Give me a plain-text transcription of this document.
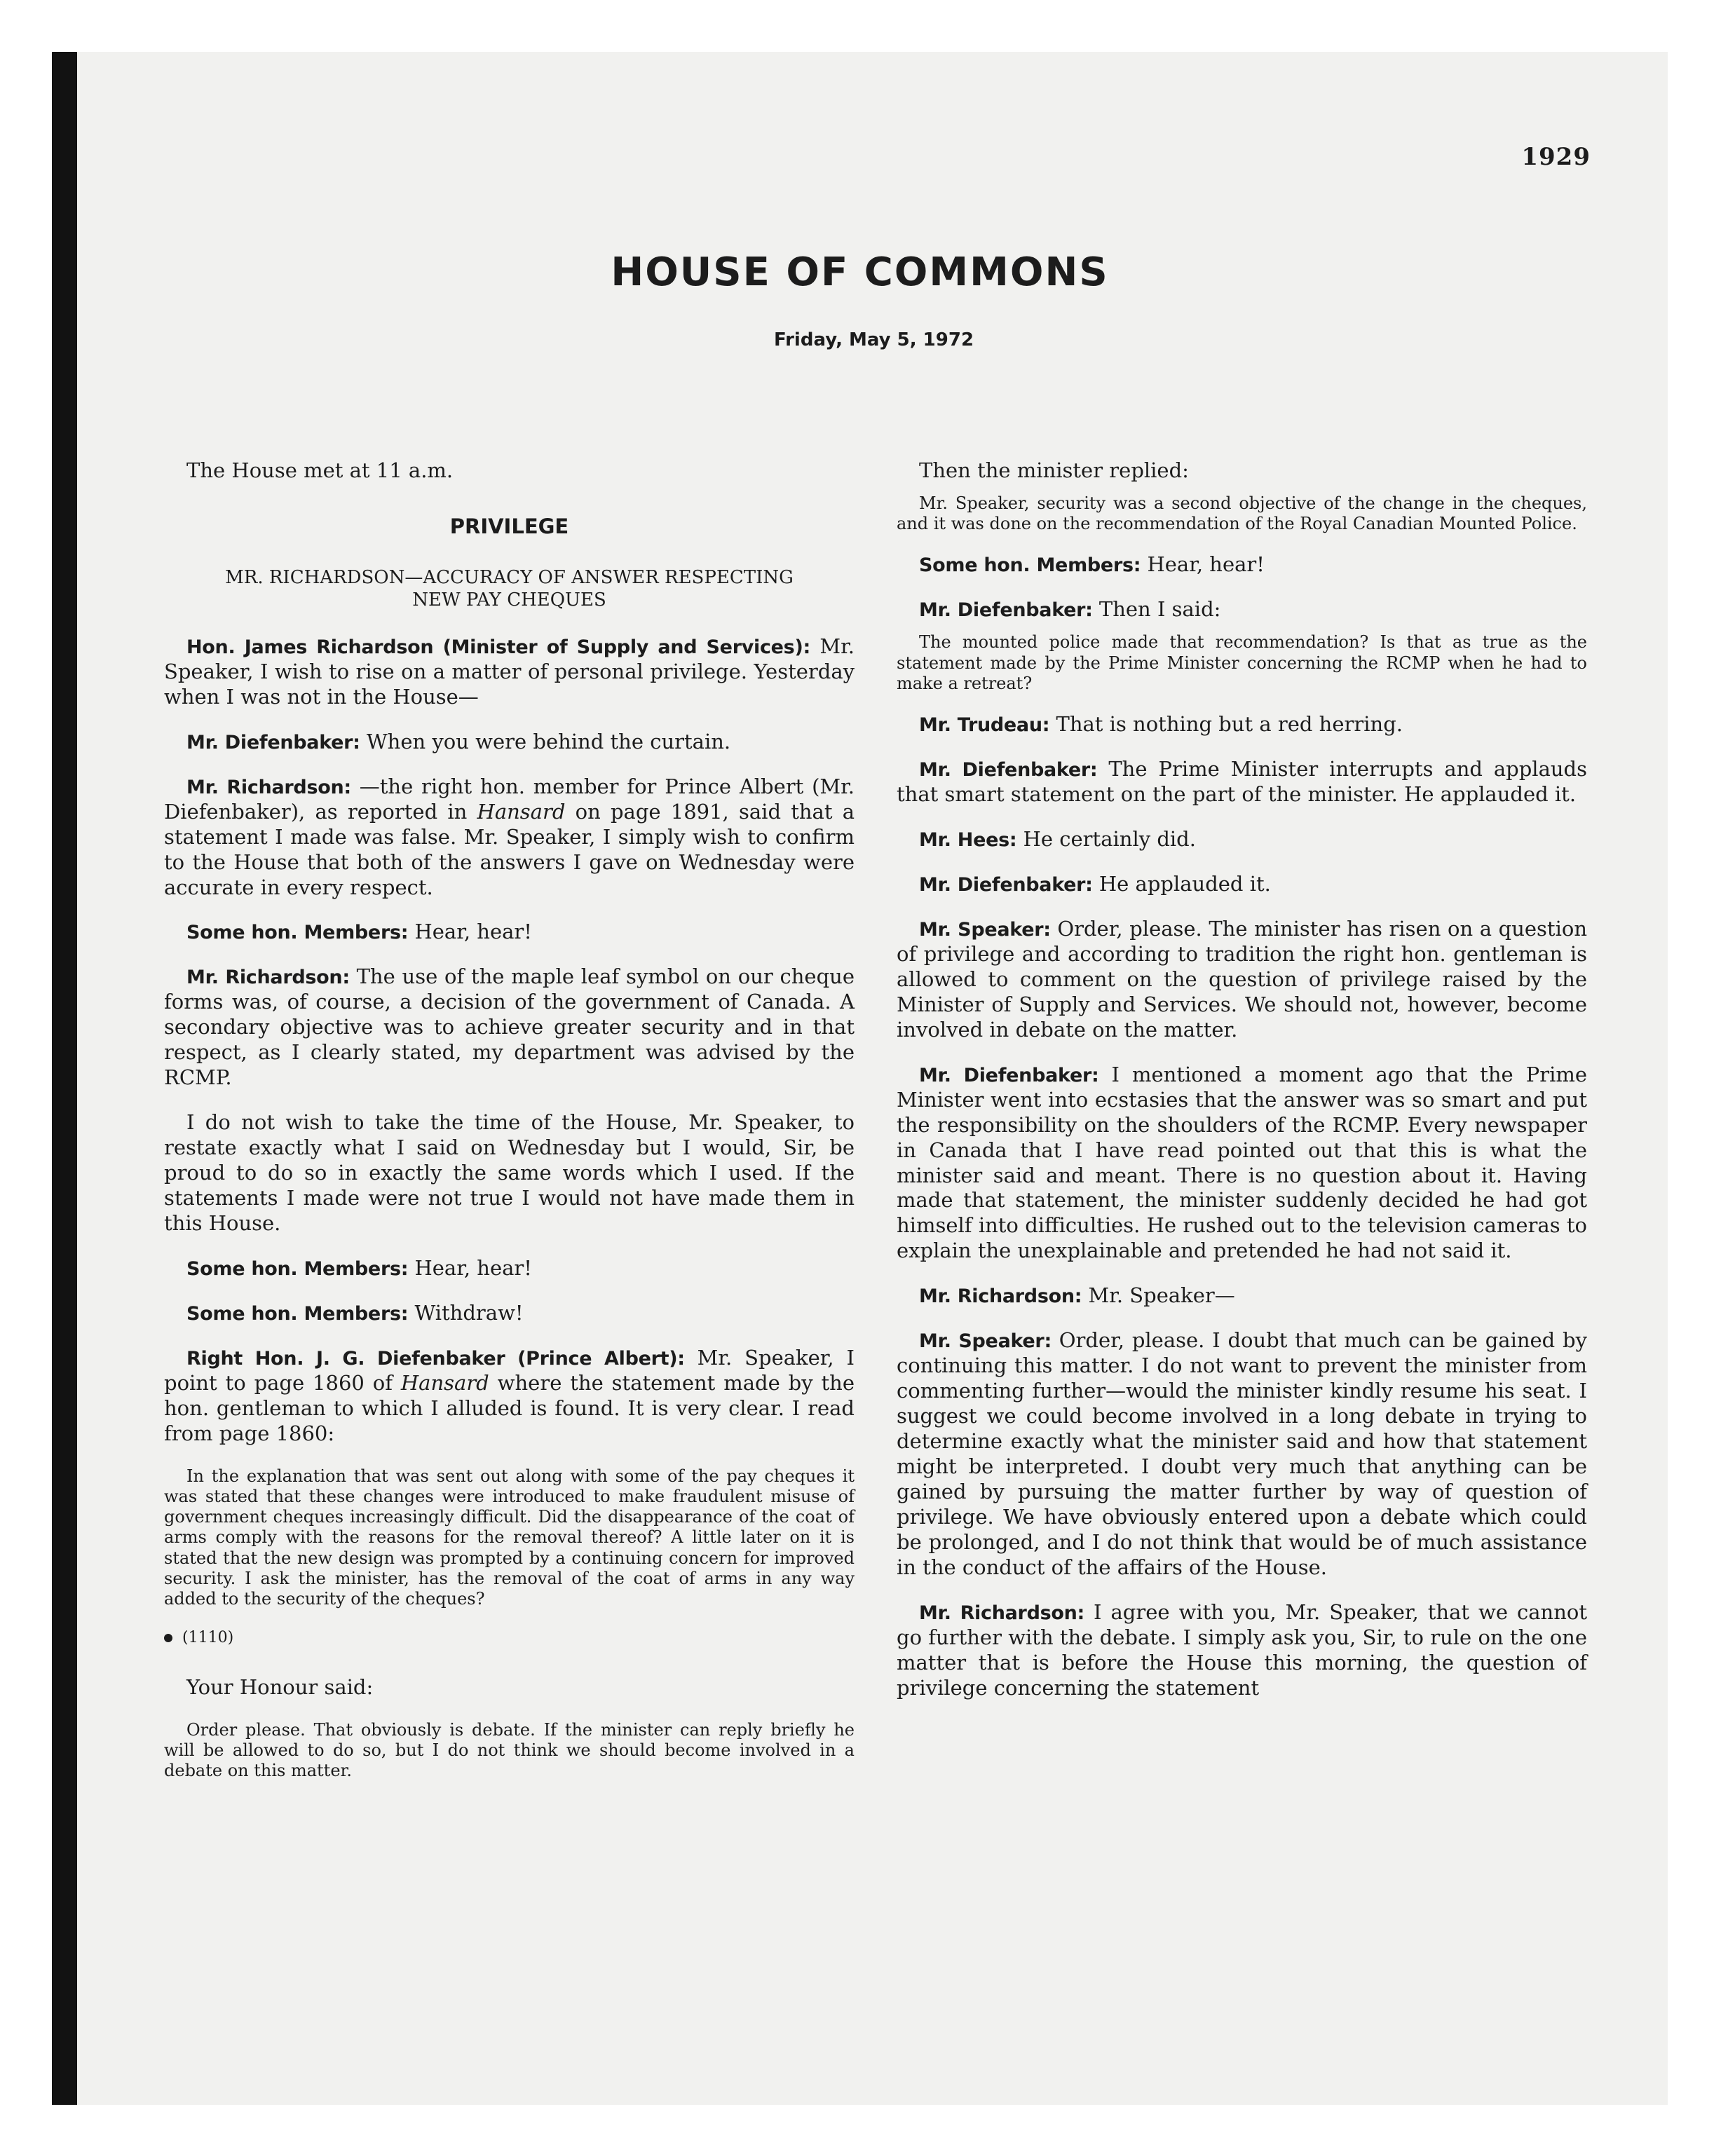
1929
HOUSE OF COMMONS
Friday, May 5, 1972

The House met at 11 a.m.

PRIVILEGE

MR. RICHARDSON—ACCURACY OF ANSWER RESPECTING
NEW PAY CHEQUES

Hon. James Richardson (Minister of Supply and Services): Mr. Speaker, I wish to rise on a matter of personal privilege. Yesterday when I was not in the House—

Mr. Diefenbaker: When you were behind the curtain.

Mr. Richardson: —the right hon. member for Prince Albert (Mr. Diefenbaker), as reported in Hansard on page 1891, said that a statement I made was false. Mr. Speaker, I simply wish to confirm to the House that both of the answers I gave on Wednesday were accurate in every respect.

Some hon. Members: Hear, hear!

Mr. Richardson: The use of the maple leaf symbol on our cheque forms was, of course, a decision of the government of Canada. A secondary objective was to achieve greater security and in that respect, as I clearly stated, my department was advised by the RCMP.

I do not wish to take the time of the House, Mr. Speaker, to restate exactly what I said on Wednesday but I would, Sir, be proud to do so in exactly the same words which I used. If the statements I made were not true I would not have made them in this House.

Some hon. Members: Hear, hear!

Some hon. Members: Withdraw!

Right Hon. J. G. Diefenbaker (Prince Albert): Mr. Speaker, I point to page 1860 of Hansard where the statement made by the hon. gentleman to which I alluded is found. It is very clear. I read from page 1860:

In the explanation that was sent out along with some of the pay cheques it was stated that these changes were introduced to make fraudulent misuse of government cheques increasingly difficult. Did the disappearance of the coat of arms comply with the reasons for the removal thereof? A little later on it is stated that the new design was prompted by a continuing concern for improved security. I ask the minister, has the removal of the coat of arms in any way added to the security of the cheques?

(1110)

Your Honour said:

Order please. That obviously is debate. If the minister can reply briefly he will be allowed to do so, but I do not think we should become involved in a debate on this matter.

Then the minister replied:

Mr. Speaker, security was a second objective of the change in the cheques, and it was done on the recommendation of the Royal Canadian Mounted Police.

Some hon. Members: Hear, hear!

Mr. Diefenbaker: Then I said:

The mounted police made that recommendation? Is that as true as the statement made by the Prime Minister concerning the RCMP when he had to make a retreat?

Mr. Trudeau: That is nothing but a red herring.

Mr. Diefenbaker: The Prime Minister interrupts and applauds that smart statement on the part of the minister. He applauded it.

Mr. Hees: He certainly did.

Mr. Diefenbaker: He applauded it.

Mr. Speaker: Order, please. The minister has risen on a question of privilege and according to tradition the right hon. gentleman is allowed to comment on the question of privilege raised by the Minister of Supply and Services. We should not, however, become involved in debate on the matter.

Mr. Diefenbaker: I mentioned a moment ago that the Prime Minister went into ecstasies that the answer was so smart and put the responsibility on the shoulders of the RCMP. Every newspaper in Canada that I have read pointed out that this is what the minister said and meant. There is no question about it. Having made that statement, the minister suddenly decided he had got himself into difficulties. He rushed out to the television cameras to explain the unexplainable and pretended he had not said it.

Mr. Richardson: Mr. Speaker—

Mr. Speaker: Order, please. I doubt that much can be gained by continuing this matter. I do not want to prevent the minister from commenting further—would the minister kindly resume his seat. I suggest we could become involved in a long debate in trying to determine exactly what the minister said and how that statement might be interpreted. I doubt very much that anything can be gained by pursuing the matter further by way of question of privilege. We have obviously entered upon a debate which could be prolonged, and I do not think that would be of much assistance in the conduct of the affairs of the House.

Mr. Richardson: I agree with you, Mr. Speaker, that we cannot go further with the debate. I simply ask you, Sir, to rule on the one matter that is before the House this morning, the question of privilege concerning the statement
